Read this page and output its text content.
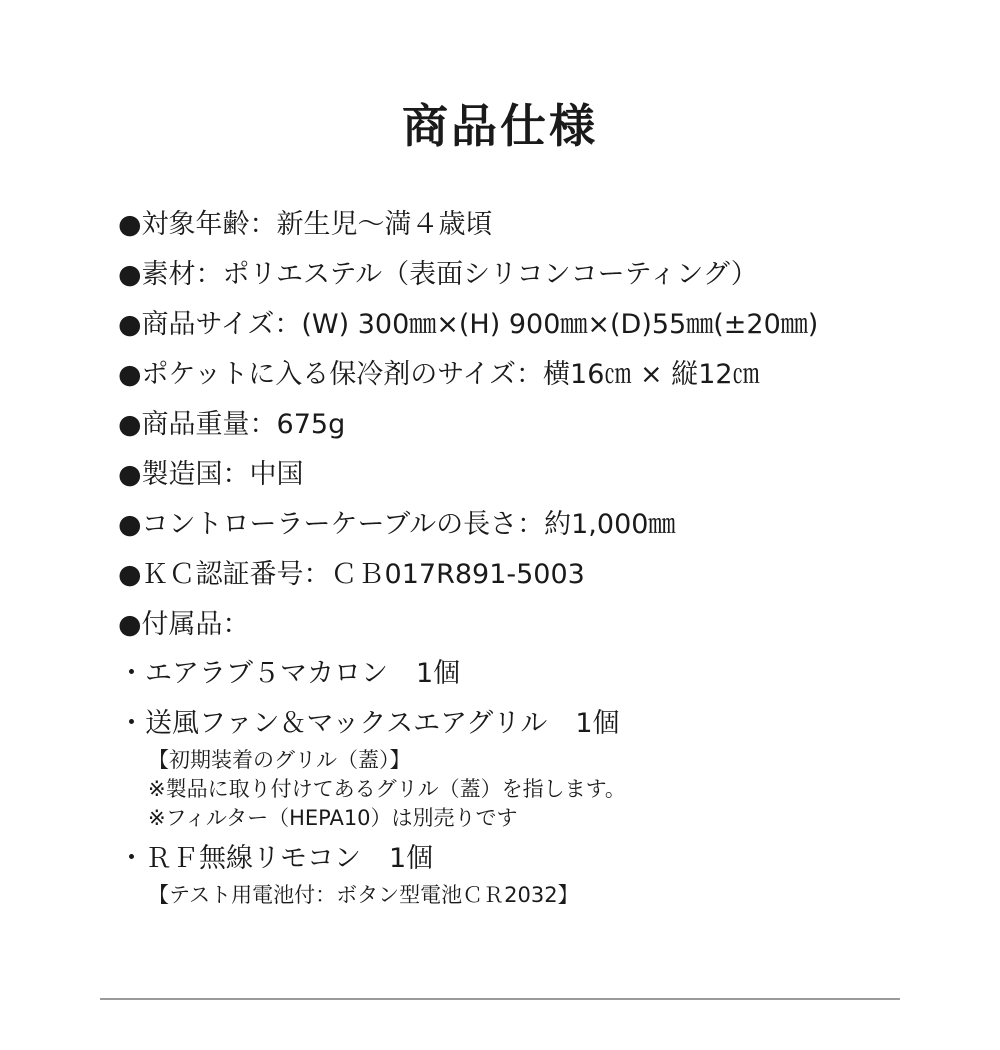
商品仕様
●対象年齢：新生児〜満４歳頃
●素材：ポリエステル（表面シリコンコーティング）
●商品サイズ：(W) 300㎜×(H) 900㎜×(D)55㎜(±20㎜)
●ポケットに入る保冷剤のサイズ：横16㎝ × 縦12㎝
●商品重量：675g
●製造国：中国
●コントローラーケーブルの長さ：約1,000㎜
●ＫＣ認証番号：ＣＢ017R891-5003
●付属品：
・エアラブ５マカロン 1個
・送風ファン＆マックスエアグリル 1個
【初期装着のグリル（蓋）】
※製品に取り付けてあるグリル（蓋）を指します。
※フィルター（HEPA10）は別売りです
・ＲＦ無線リモコン 1個
【テスト用電池付：ボタン型電池ＣＲ2032】
